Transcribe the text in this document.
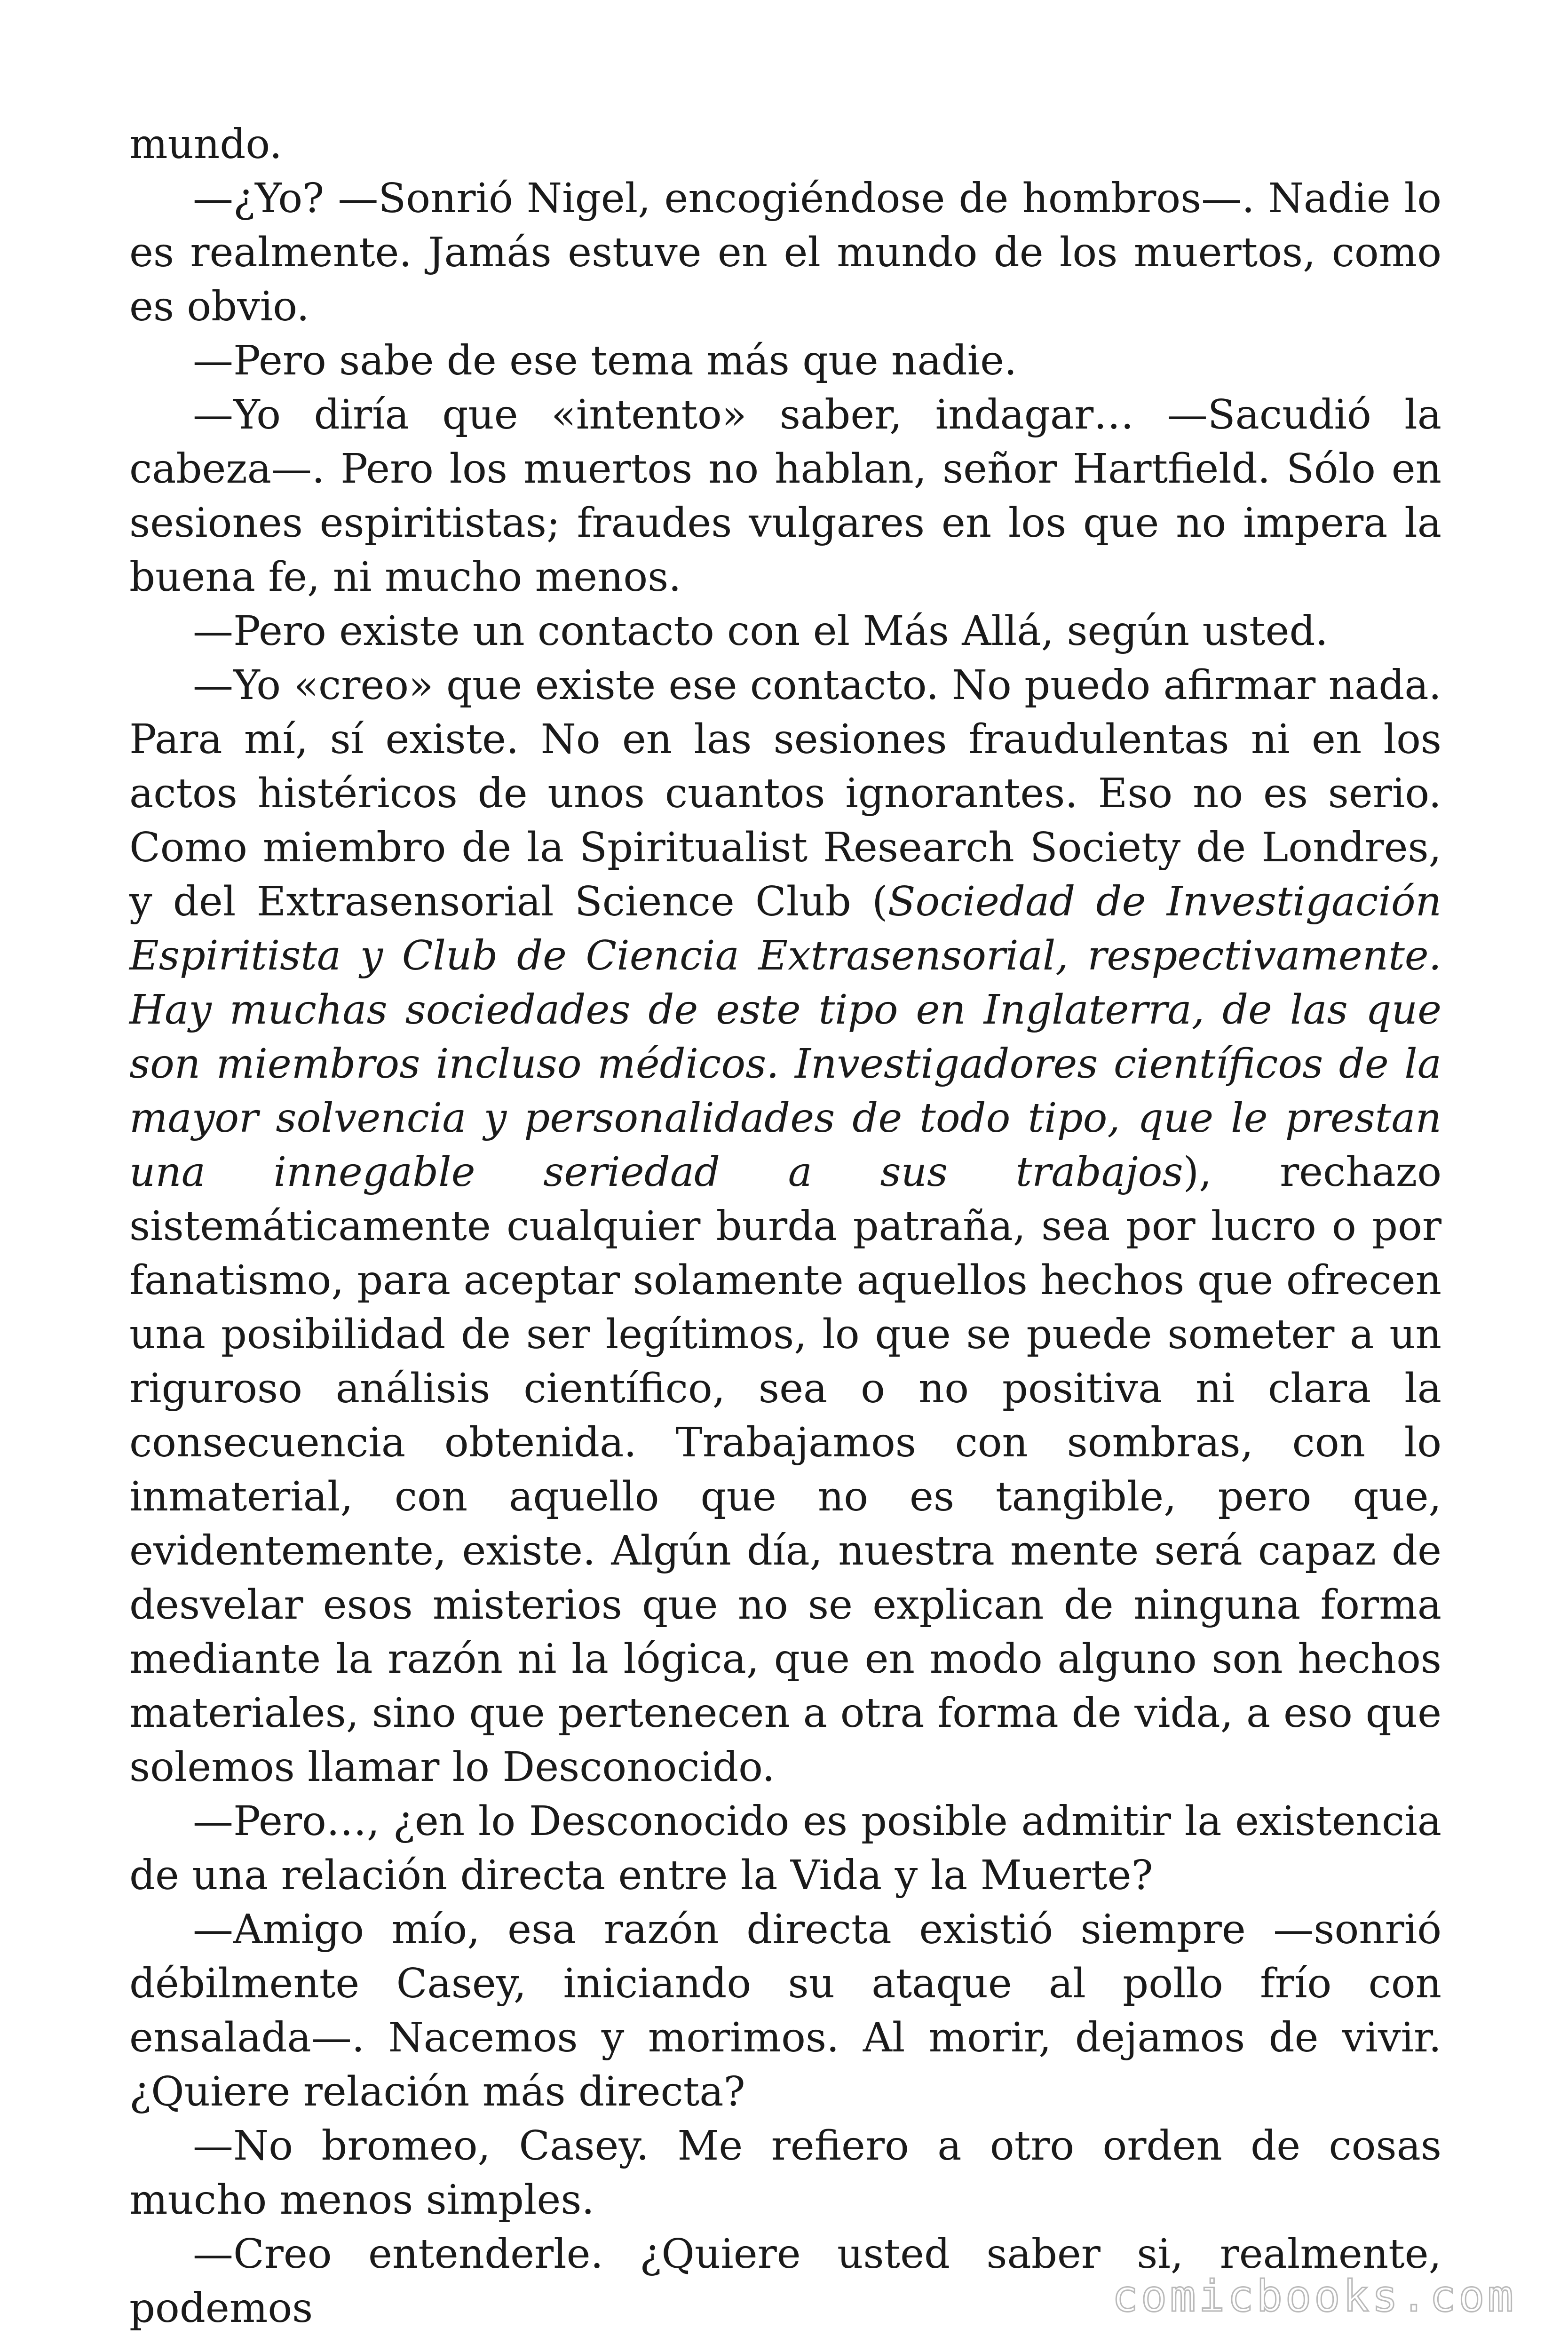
mundo.

—¿Yo? —Sonrió Nigel, encogiéndose de hombros—. Nadie lo es realmente. Jamás estuve en el mundo de los muertos, como es obvio.

—Pero sabe de ese tema más que nadie.

—Yo diría que «intento» saber, indagar… —Sacudió la cabeza—. Pero los muertos no hablan, señor Hartfield. Sólo en sesiones espiritistas; fraudes vulgares en los que no impera la buena fe, ni mucho menos.

—Pero existe un contacto con el Más Allá, según usted.

—Yo «creo» que existe ese contacto. No puedo afirmar nada. Para mí, sí existe. No en las sesiones fraudulentas ni en los actos histéricos de unos cuantos ignorantes. Eso no es serio. Como miembro de la Spiritualist Research Society de Londres, y del Extrasensorial Science Club (Sociedad de Investigación Espiritista y Club de Ciencia Extrasensorial, respectivamente. Hay muchas sociedades de este tipo en Inglaterra, de las que son miembros incluso médicos. Investigadores científicos de la mayor solvencia y personalidades de todo tipo, que le prestan una innegable seriedad a sus trabajos), rechazo sistemáticamente cualquier burda patraña, sea por lucro o por fanatismo, para aceptar solamente aquellos hechos que ofrecen una posibilidad de ser legítimos, lo que se puede someter a un riguroso análisis científico, sea o no positiva ni clara la consecuencia obtenida. Trabajamos con sombras, con lo inmaterial, con aquello que no es tangible, pero que, evidentemente, existe. Algún día, nuestra mente será capaz de desvelar esos misterios que no se explican de ninguna forma mediante la razón ni la lógica, que en modo alguno son hechos materiales, sino que pertenecen a otra forma de vida, a eso que solemos llamar lo Desconocido.

—Pero…, ¿en lo Desconocido es posible admitir la existencia de una relación directa entre la Vida y la Muerte?

—Amigo mío, esa razón directa existió siempre —sonrió débilmente Casey, iniciando su ataque al pollo frío con ensalada—. Nacemos y morimos. Al morir, dejamos de vivir. ¿Quiere relación más directa?

—No bromeo, Casey. Me refiero a otro orden de cosas mucho menos simples.

—Creo entenderle. ¿Quiere usted saber si, realmente, podemos	comicbooks.com
